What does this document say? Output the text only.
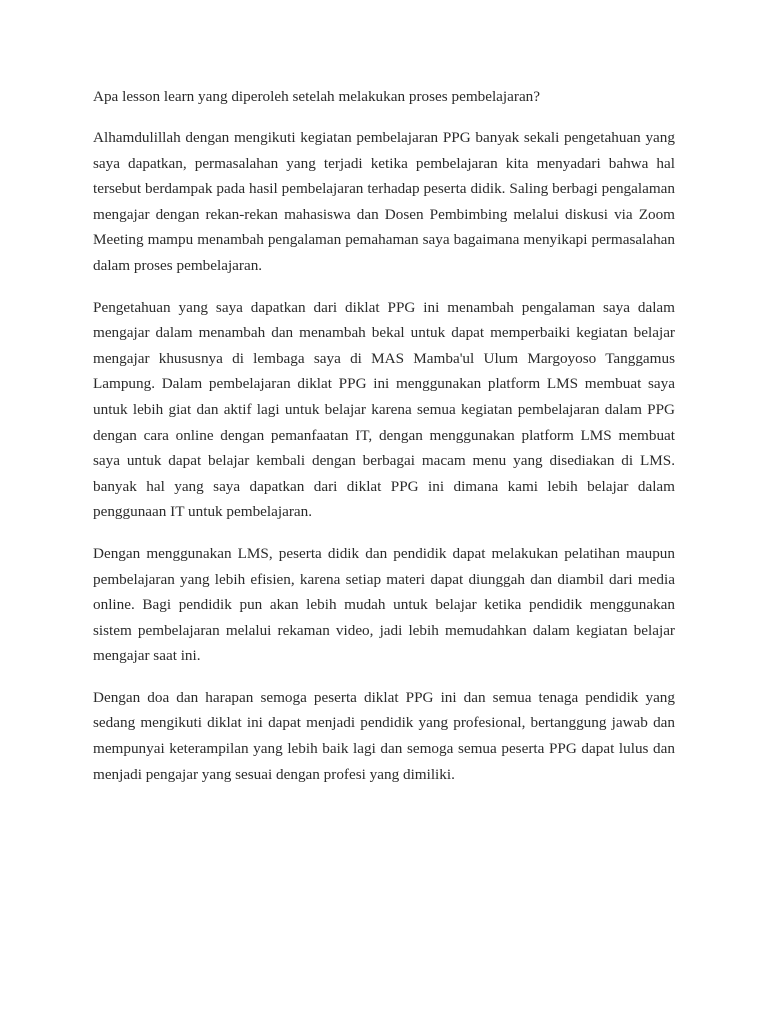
Apa lesson learn yang diperoleh setelah melakukan proses pembelajaran?

Alhamdulillah dengan mengikuti kegiatan pembelajaran PPG banyak sekali pengetahuan yang saya dapatkan, permasalahan yang terjadi ketika pembelajaran kita menyadari bahwa hal tersebut berdampak pada hasil pembelajaran terhadap peserta didik. Saling berbagi pengalaman mengajar dengan rekan-rekan mahasiswa dan Dosen Pembimbing melalui diskusi via Zoom Meeting mampu menambah pengalaman pemahaman saya bagaimana menyikapi permasalahan dalam proses pembelajaran.

Pengetahuan yang saya dapatkan dari diklat PPG ini menambah pengalaman saya dalam mengajar dalam menambah dan menambah bekal untuk dapat memperbaiki kegiatan belajar mengajar khususnya di lembaga saya di MAS Mamba'ul Ulum Margoyoso Tanggamus Lampung. Dalam pembelajaran diklat PPG ini menggunakan platform LMS membuat saya untuk lebih giat dan aktif lagi untuk belajar karena semua kegiatan pembelajaran dalam PPG dengan cara online dengan pemanfaatan IT, dengan menggunakan platform LMS membuat saya untuk dapat belajar kembali dengan berbagai macam menu yang disediakan di LMS. banyak hal yang saya dapatkan dari diklat PPG ini dimana kami lebih belajar dalam penggunaan IT untuk pembelajaran.

Dengan menggunakan LMS, peserta didik dan pendidik dapat melakukan pelatihan maupun pembelajaran yang lebih efisien, karena setiap materi dapat diunggah dan diambil dari media online. Bagi pendidik pun akan lebih mudah untuk belajar ketika pendidik menggunakan sistem pembelajaran melalui rekaman video, jadi lebih memudahkan dalam kegiatan belajar mengajar saat ini.

Dengan doa dan harapan semoga peserta diklat PPG ini dan semua tenaga pendidik yang sedang mengikuti diklat ini dapat menjadi pendidik yang profesional, bertanggung jawab dan mempunyai keterampilan yang lebih baik lagi dan semoga semua peserta PPG dapat lulus dan menjadi pengajar yang sesuai dengan profesi yang dimiliki.
